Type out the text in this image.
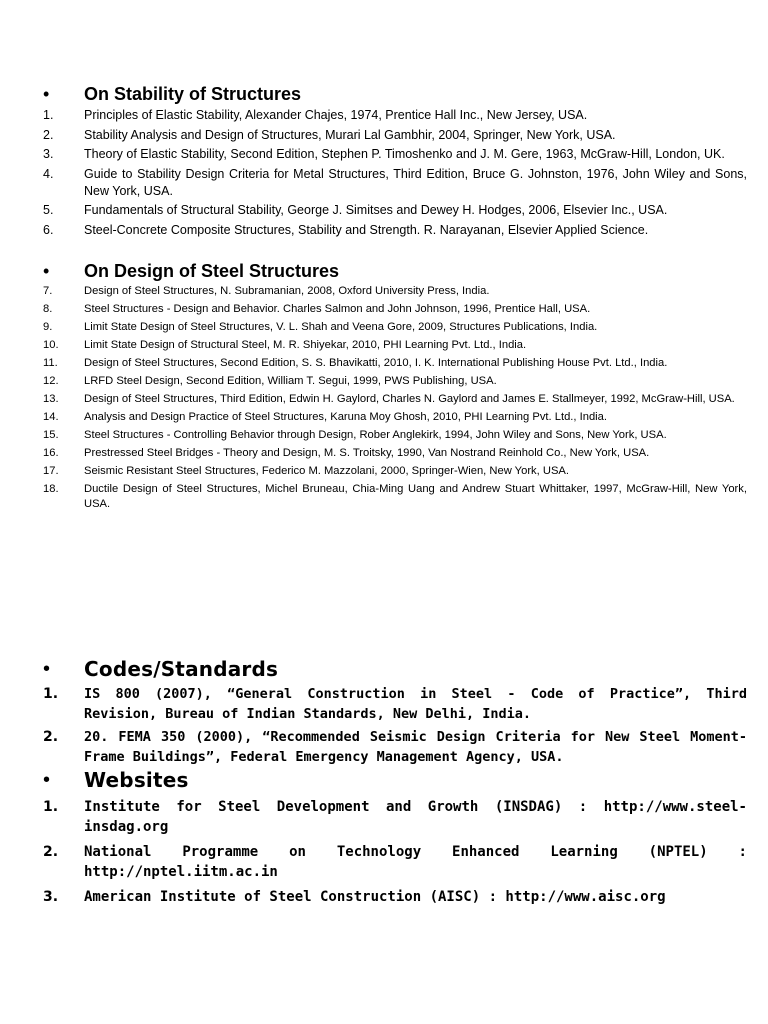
• On Stability of Structures
1. Principles of Elastic Stability, Alexander Chajes, 1974, Prentice Hall Inc., New Jersey, USA.
2. Stability Analysis and Design of Structures, Murari Lal Gambhir, 2004, Springer, New York, USA.
3. Theory of Elastic Stability, Second Edition, Stephen P. Timoshenko and J. M. Gere, 1963, McGraw-Hill, London, UK.
4. Guide to Stability Design Criteria for Metal Structures, Third Edition, Bruce G. Johnston, 1976, John Wiley and Sons, New York, USA.
5. Fundamentals of Structural Stability, George J. Simitses and Dewey H. Hodges, 2006, Elsevier Inc., USA.
6. Steel-Concrete Composite Structures, Stability and Strength. R. Narayanan, Elsevier Applied Science.
• On Design of Steel Structures
7.	Design of Steel Structures, N. Subramanian, 2008, Oxford University Press, India.
8.	Steel Structures - Design and Behavior. Charles Salmon and John Johnson, 1996, Prentice Hall, USA.
9.	Limit State Design of Steel Structures, V. L. Shah and Veena Gore, 2009, Structures Publications, India.
10. Limit State Design of Structural Steel, M. R. Shiyekar, 2010, PHI Learning Pvt. Ltd., India.
11. Design of Steel Structures, Second Edition, S. S. Bhavikatti, 2010, I. K. International Publishing House Pvt. Ltd., India.
12. LRFD Steel Design, Second Edition, William T. Segui, 1999, PWS Publishing, USA.
13. Design of Steel Structures, Third Edition, Edwin H. Gaylord, Charles N. Gaylord and James E. Stallmeyer, 1992, McGraw-Hill, USA.
14. Analysis and Design Practice of Steel Structures, Karuna Moy Ghosh, 2010, PHI Learning Pvt. Ltd., India.
15. Steel Structures - Controlling Behavior through Design, Rober Anglekirk, 1994, John Wiley and Sons, New York, USA.
16. Prestressed Steel Bridges - Theory and Design, M. S. Troitsky, 1990, Van Nostrand Reinhold Co., New York, USA.
17. Seismic Resistant Steel Structures, Federico M. Mazzolani, 2000, Springer-Wien, New York, USA.
18. Ductile Design of Steel Structures, Michel Bruneau, Chia-Ming Uang and Andrew Stuart Whittaker, 1997, McGraw-Hill, New York, USA.
• Codes/Standards
1. IS 800 (2007), “General Construction in Steel - Code of Practice”, Third Revision, Bureau of Indian Standards, New Delhi, India.
2. 20. FEMA 350 (2000), “Recommended Seismic Design Criteria for New Steel Moment-Frame Buildings”, Federal Emergency Management Agency, USA.
• Websites
1. Institute for Steel Development and Growth (INSDAG) : http://www.steel-insdag.org
2. National Programme on Technology Enhanced Learning (NPTEL) : http://nptel.iitm.ac.in
3. American Institute of Steel Construction (AISC) : http://www.aisc.org
